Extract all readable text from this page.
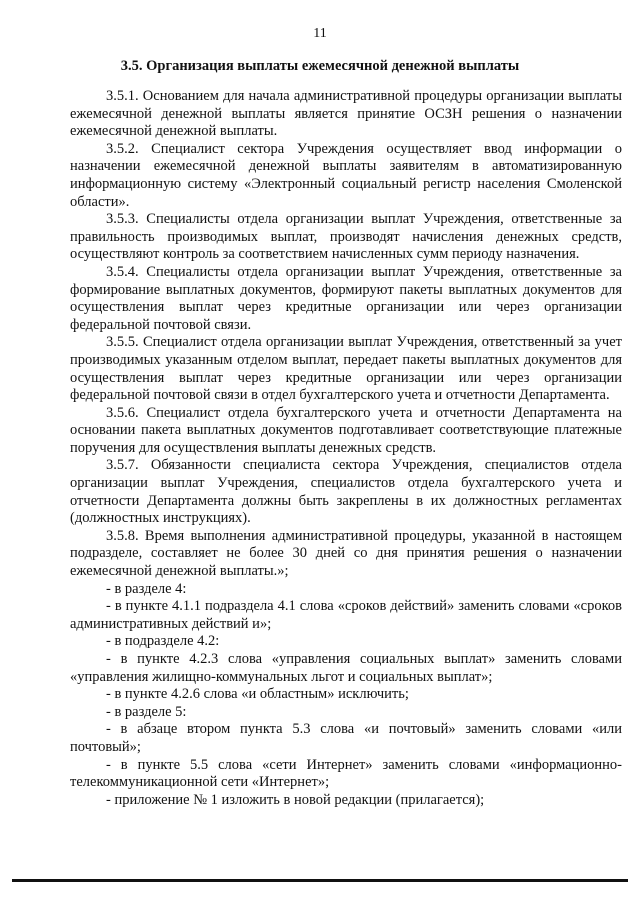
11
3.5. Организация выплаты ежемесячной денежной выплаты

3.5.1. Основанием для начала административной процедуры организации выплаты ежемесячной денежной выплаты является принятие ОСЗН решения о назначении ежемесячной денежной выплаты.

3.5.2. Специалист сектора Учреждения осуществляет ввод информации о назначении ежемесячной денежной выплаты заявителям в автоматизированную информационную систему «Электронный социальный регистр населения Смоленской области».

3.5.3. Специалисты отдела организации выплат Учреждения, ответственные за правильность производимых выплат, производят начисления денежных средств, осуществляют контроль за соответствием начисленных сумм периоду назначения.

3.5.4. Специалисты отдела организации выплат Учреждения, ответственные за формирование выплатных документов, формируют пакеты выплатных документов для осуществления выплат через кредитные организации или через организации федеральной почтовой связи.

3.5.5. Специалист отдела организации выплат Учреждения, ответственный за учет производимых указанным отделом выплат, передает пакеты выплатных документов для осуществления выплат через кредитные организации или через организации федеральной почтовой связи в отдел бухгалтерского учета и отчетности Департамента.

3.5.6. Специалист отдела бухгалтерского учета и отчетности Департамента на основании пакета выплатных документов подготавливает соответствующие платежные поручения для осуществления выплаты денежных средств.

3.5.7. Обязанности специалиста сектора Учреждения, специалистов отдела организации выплат Учреждения, специалистов отдела бухгалтерского учета и отчетности Департамента должны быть закреплены в их должностных регламентах (должностных инструкциях).

3.5.8. Время выполнения административной процедуры, указанной в настоящем подразделе, составляет не более 30 дней со дня принятия решения о назначении ежемесячной денежной выплаты.»;

- в разделе 4:

- в пункте 4.1.1 подраздела 4.1 слова «сроков действий» заменить словами «сроков административных действий и»;

- в подразделе 4.2:

- в пункте 4.2.3 слова «управления социальных выплат» заменить словами «управления жилищно-коммунальных льгот и социальных выплат»;

- в пункте 4.2.6 слова «и областным» исключить;

- в разделе 5:

- в абзаце втором пункта 5.3 слова «и почтовый» заменить словами «или почтовый»;

- в пункте 5.5 слова «сети Интернет» заменить словами «информационно-телекоммуникационной сети «Интернет»;

- приложение № 1 изложить в новой редакции (прилагается);
